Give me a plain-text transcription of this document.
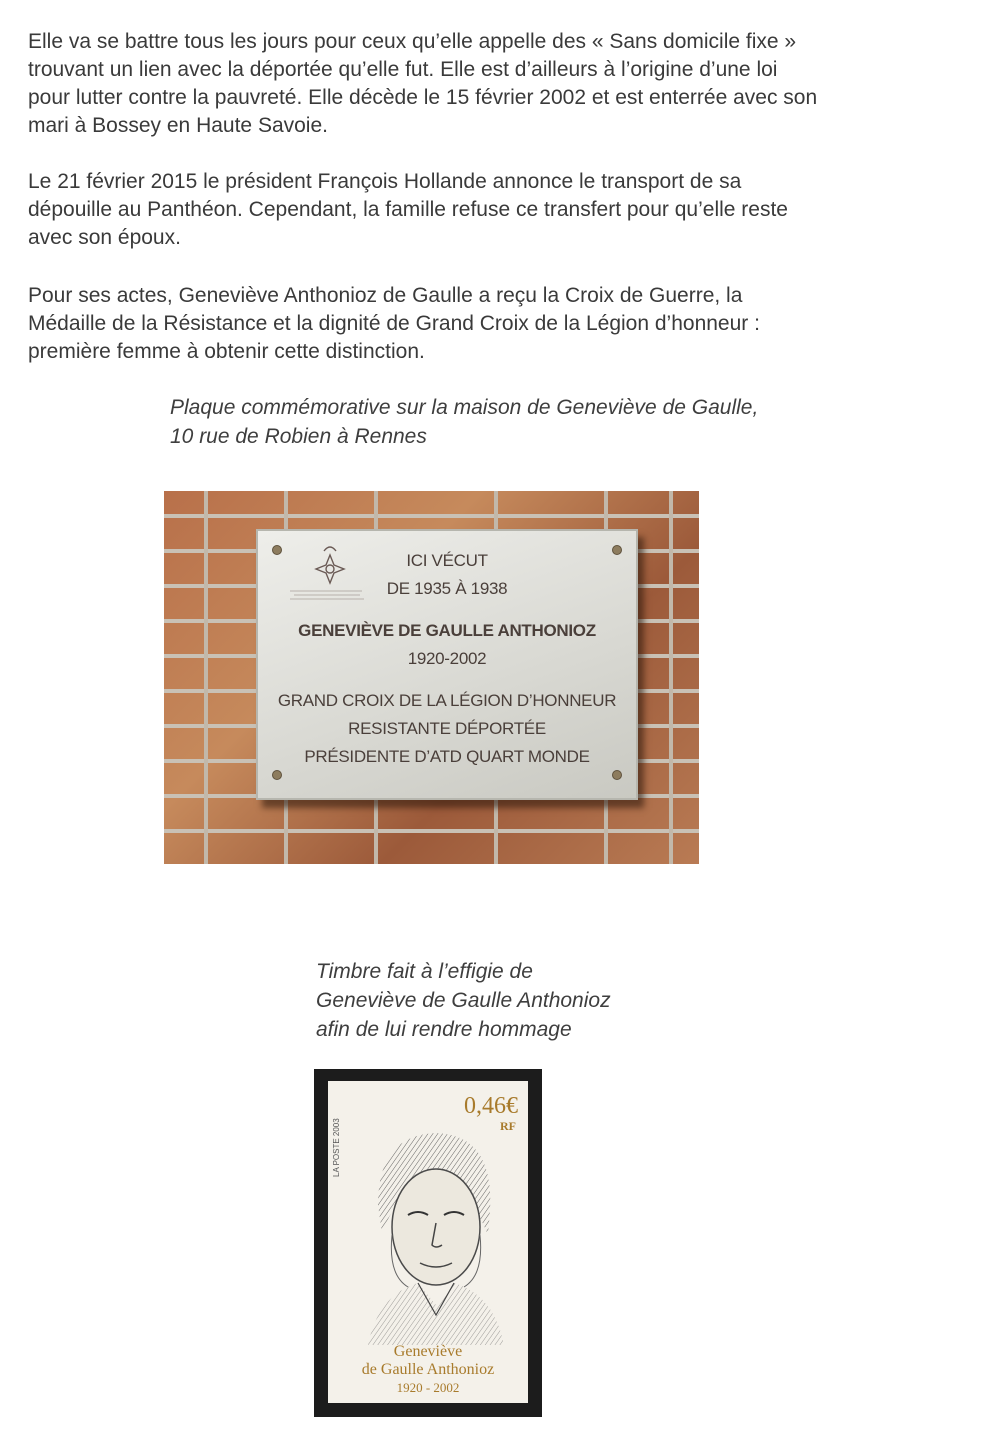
Elle va se battre tous les jours pour ceux qu’elle appelle des « Sans domicile fixe »
trouvant un lien avec la déportée qu’elle fut. Elle est d’ailleurs à l’origine d’une loi
pour lutter contre la pauvreté. Elle décède le 15 février 2002 et est enterrée avec son
mari à Bossey en Haute Savoie.

Le 21 février 2015 le président François Hollande annonce le transport de sa
dépouille au Panthéon. Cependant, la famille refuse ce transfert pour qu’elle reste
avec son époux.

Pour ses actes, Geneviève Anthonioz de Gaulle a reçu la Croix de Guerre, la
Médaille de la Résistance et la dignité de Grand Croix de la Légion d’honneur :
première femme à obtenir cette distinction.

Plaque commémorative sur la maison de Geneviève de Gaulle,
10 rue de Robien à Rennes

ICI VÉCUT
DE 1935 À 1938
GENEVIÈVE DE GAULLE ANTHONIOZ
1920-2002
GRAND CROIX DE LA LÉGION D’HONNEUR
RESISTANTE DÉPORTÉE
PRÉSIDENTE D’ATD QUART MONDE

Timbre fait à l’effigie de
Geneviève de Gaulle Anthonioz
afin de lui rendre hommage

0,46€
RF
LA POSTE 2003
Geneviève
de Gaulle Anthonioz
1920 - 2002
